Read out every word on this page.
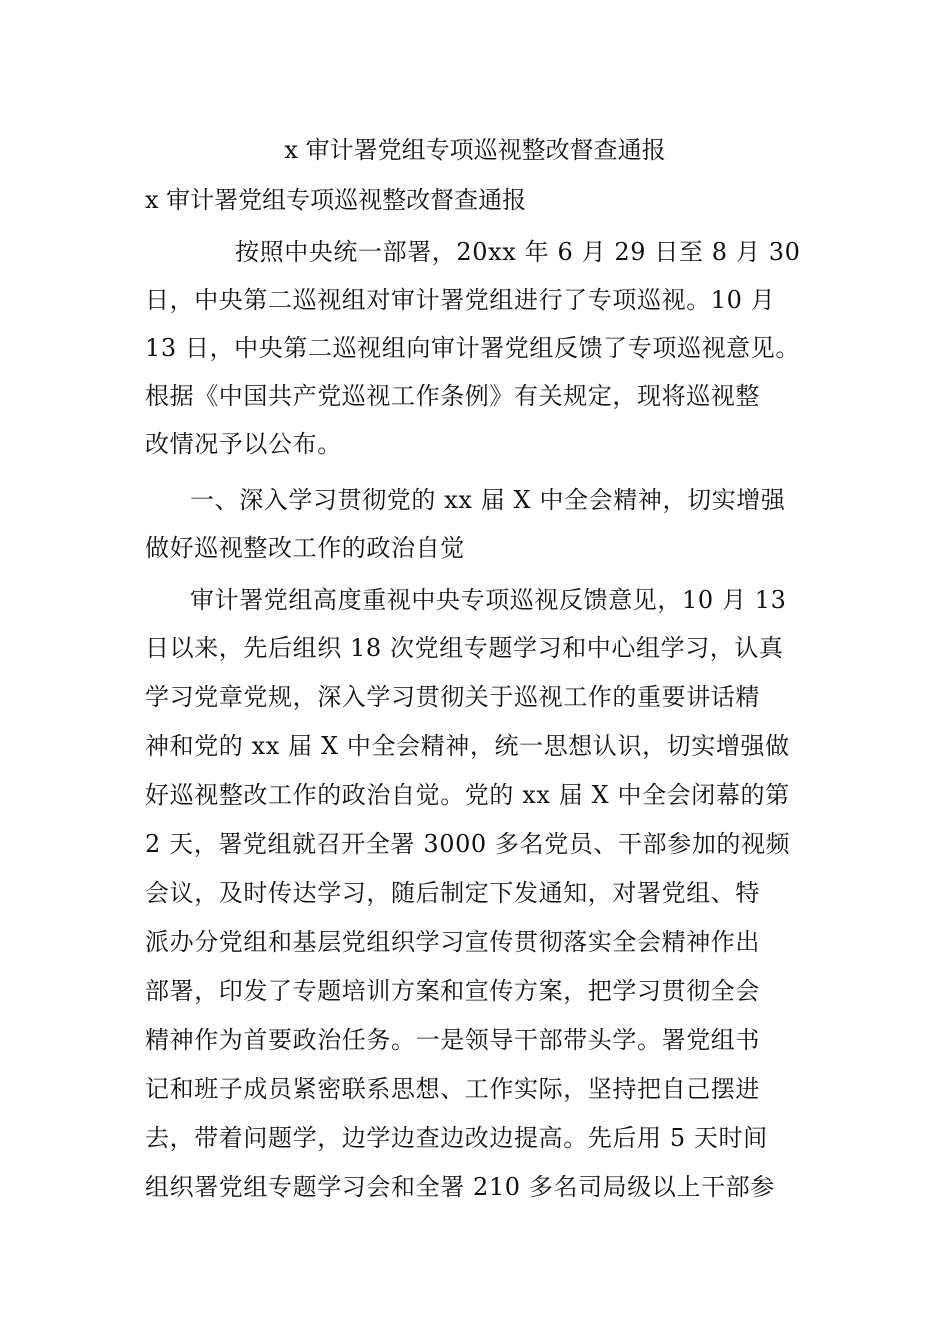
x 审计署党组专项巡视整改督查通报
x 审计署党组专项巡视整改督查通报
按照中央统一部署，20xx 年 6 月 29 日至 8 月 30
日，中央第二巡视组对审计署党组进行了专项巡视。10 月
13 日，中央第二巡视组向审计署党组反馈了专项巡视意见。
根据《中国共产党巡视工作条例》有关规定，现将巡视整
改情况予以公布。
一、深入学习贯彻党的 xx 届 X 中全会精神，切实增强
做好巡视整改工作的政治自觉
审计署党组高度重视中央专项巡视反馈意见，10 月 13
日以来，先后组织 18 次党组专题学习和中心组学习，认真
学习党章党规，深入学习贯彻关于巡视工作的重要讲话精
神和党的 xx 届 X 中全会精神，统一思想认识，切实增强做
好巡视整改工作的政治自觉。党的 xx 届 X 中全会闭幕的第
2 天，署党组就召开全署 3000 多名党员、干部参加的视频
会议，及时传达学习，随后制定下发通知，对署党组、特
派办分党组和基层党组织学习宣传贯彻落实全会精神作出
部署，印发了专题培训方案和宣传方案，把学习贯彻全会
精神作为首要政治任务。一是领导干部带头学。署党组书
记和班子成员紧密联系思想、工作实际，坚持把自己摆进
去，带着问题学，边学边查边改边提高。先后用 5 天时间
组织署党组专题学习会和全署 210 多名司局级以上干部参
